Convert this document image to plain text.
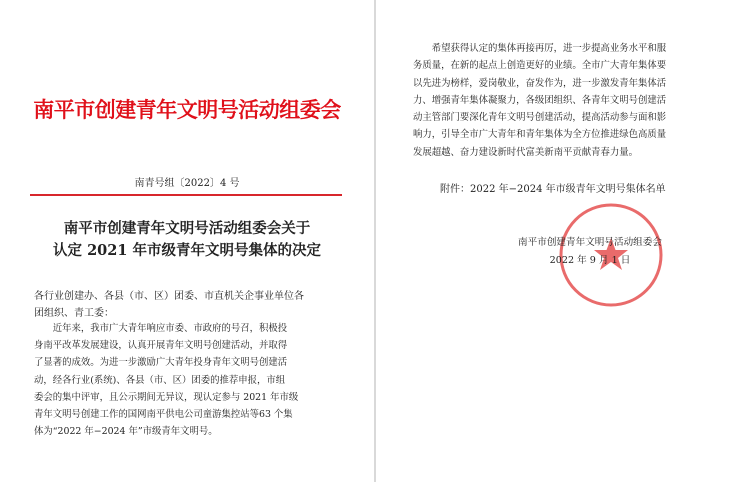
南平市创建青年文明号活动组委会
南青号组〔2022〕4 号
南平市创建青年文明号活动组委会关于
认定 2021 年市级青年文明号集体的决定
各行业创建办、各县（市、区）团委、市直机关企事业单位各
团组织、青工委：
近年来，我市广大青年响应市委、市政府的号召，积极投
身南平改革发展建设，认真开展青年文明号创建活动，并取得
了显著的成效。为进一步激励广大青年投身青年文明号创建活
动，经各行业(系统)、各县（市、区）团委的推荐申报，市组
委会的集中评审，且公示期间无异议，现认定参与 2021 年市级
青年文明号创建工作的国网南平供电公司童游集控站等63 个集
体为“2022 年−2024 年”市级青年文明号。
希望获得认定的集体再接再厉，进一步提高业务水平和服
务质量，在新的起点上创造更好的业绩。全市广大青年集体要
以先进为榜样，爱岗敬业，奋发作为，进一步激发青年集体活
力、增强青年集体凝聚力，各级团组织、各青年文明号创建活
动主管部门要深化青年文明号创建活动，提高活动参与面和影
响力，引导全市广大青年和青年集体为全方位推进绿色高质量
发展超越、奋力建设新时代富美新南平贡献青春力量。
附件：2022 年−2024 年市级青年文明号集体名单
南平市创建青年文明号活动组委会
2022 年 9 月 1 日
